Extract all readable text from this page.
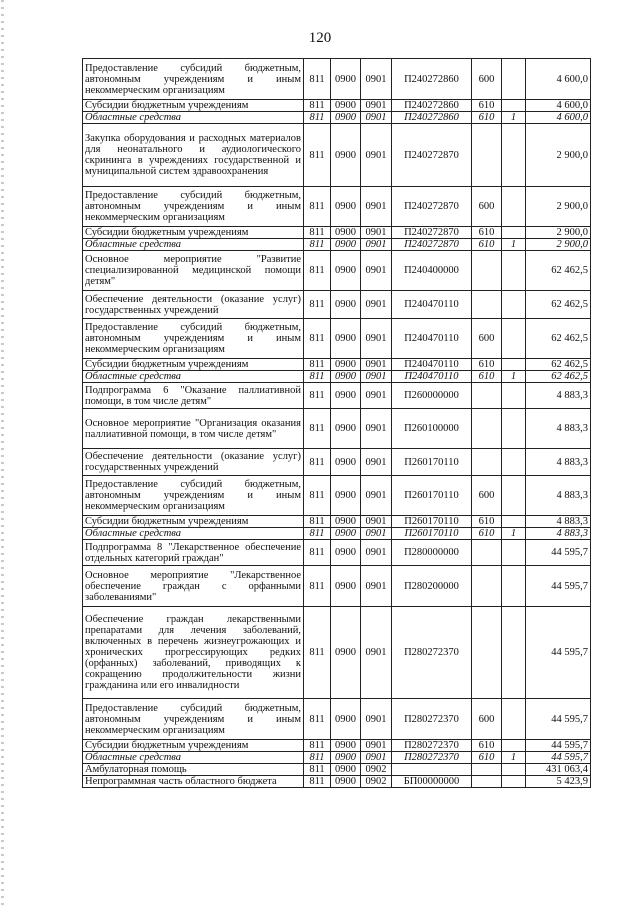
120
Предоставление субсидий бюджетным, автономным учреждениям и иным некоммерческим организациям	811	0900	0901	П240272860	600		4 600,0
Субсидии бюджетным учреждениям	811	0900	0901	П240272860	610		4 600,0
Областные средства	811	0900	0901	П240272860	610	1	4 600,0
Закупка оборудования и расходных материалов для неонатального и аудиологического скрининга в учреждениях государственной и муниципальной систем здравоохранения	811	0900	0901	П240272870			2 900,0
Предоставление субсидий бюджетным, автономным учреждениям и иным некоммерческим организациям	811	0900	0901	П240272870	600		2 900,0
Субсидии бюджетным учреждениям	811	0900	0901	П240272870	610		2 900,0
Областные средства	811	0900	0901	П240272870	610	1	2 900,0
Основное мероприятие "Развитие специализированной медицинской помощи детям"	811	0900	0901	П240400000			62 462,5
Обеспечение деятельности (оказание услуг) государственных учреждений	811	0900	0901	П240470110			62 462,5
Предоставление субсидий бюджетным, автономным учреждениям и иным некоммерческим организациям	811	0900	0901	П240470110	600		62 462,5
Субсидии бюджетным учреждениям	811	0900	0901	П240470110	610		62 462,5
Областные средства	811	0900	0901	П240470110	610	1	62 462,5
Подпрограмма 6 "Оказание паллиативной помощи, в том числе детям"	811	0900	0901	П260000000			4 883,3
Основное мероприятие "Организация оказания паллиативной помощи, в том числе детям"	811	0900	0901	П260100000			4 883,3
Обеспечение деятельности (оказание услуг) государственных учреждений	811	0900	0901	П260170110			4 883,3
Предоставление субсидий бюджетным, автономным учреждениям и иным некоммерческим организациям	811	0900	0901	П260170110	600		4 883,3
Субсидии бюджетным учреждениям	811	0900	0901	П260170110	610		4 883,3
Областные средства	811	0900	0901	П260170110	610	1	4 883,3
Подпрограмма 8 "Лекарственное обеспечение отдельных категорий граждан"	811	0900	0901	П280000000			44 595,7
Основное мероприятие "Лекарственное обеспечение граждан с орфанными заболеваниями"	811	0900	0901	П280200000			44 595,7
Обеспечение граждан лекарственными препаратами для лечения заболеваний, включенных в перечень жизнеугрожающих и хронических прогрессирующих редких (орфанных) заболеваний, приводящих к сокращению продолжительности жизни гражданина или его инвалидности	811	0900	0901	П280272370			44 595,7
Предоставление субсидий бюджетным, автономным учреждениям и иным некоммерческим организациям	811	0900	0901	П280272370	600		44 595,7
Субсидии бюджетным учреждениям	811	0900	0901	П280272370	610		44 595,7
Областные средства	811	0900	0901	П280272370	610	1	44 595,7
Амбулаторная помощь	811	0900	0902				431 063,4
Непрограммная часть областного бюджета	811	0900	0902	БП00000000			5 423,9
